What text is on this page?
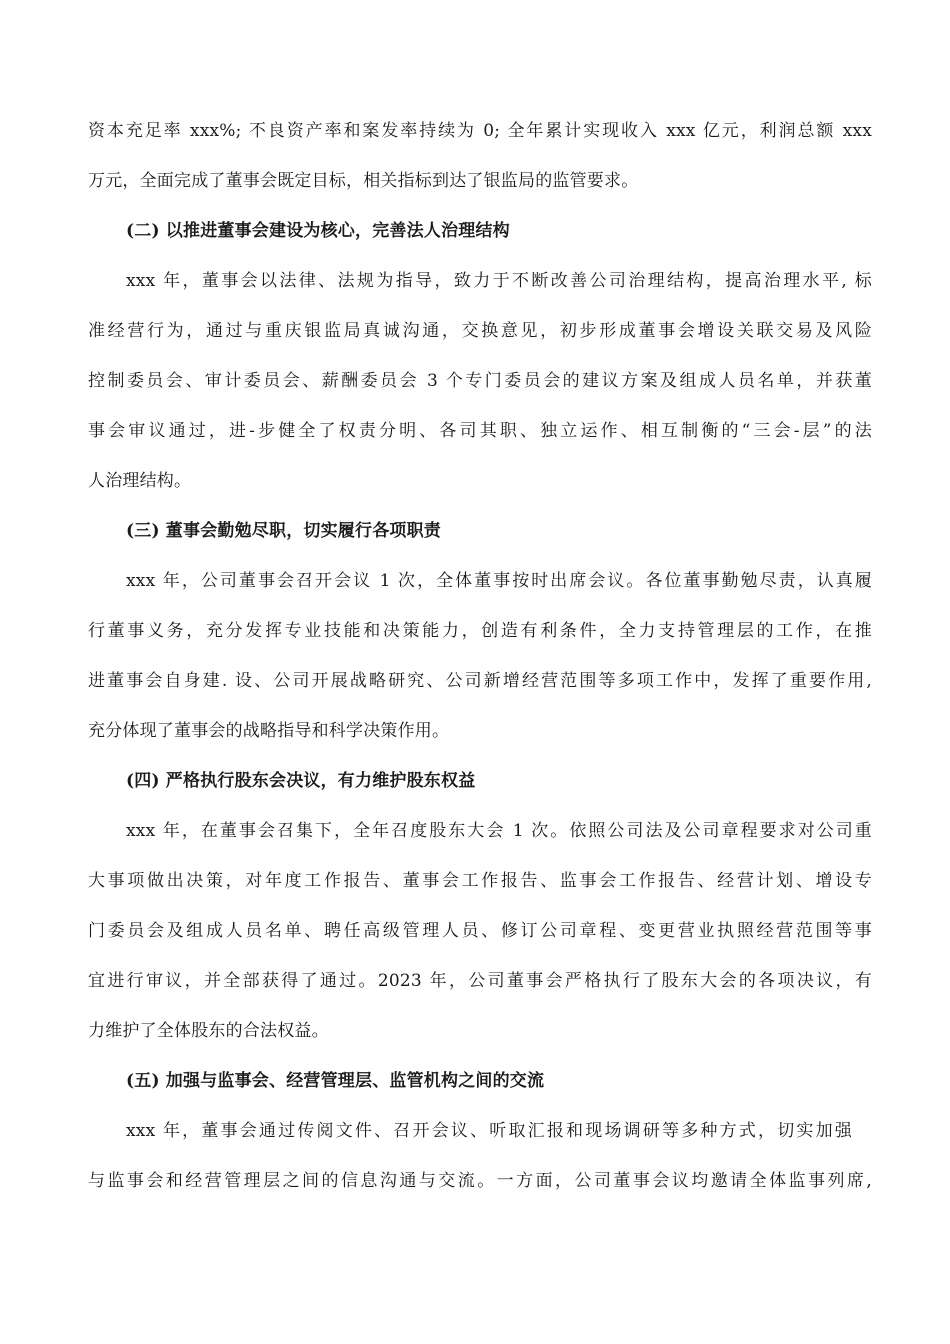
资本充足率 xxx%; 不良资产率和案发率持续为 0; 全年累计实现收入 xxx 亿元，利润总额 xxx
万元，全面完成了董事会既定目标，相关指标到达了银监局的监管要求。
(二) 以推进董事会建设为核心，完善法人治理结构
xxx 年，董事会以法律、法规为指导，致力于不断改善公司治理结构，提高治理水平, 标
准经营行为，通过与重庆银监局真诚沟通，交换意见，初步形成董事会增设关联交易及风险
控制委员会、审计委员会、薪酬委员会 3 个专门委员会的建议方案及组成人员名单，并获董
事会审议通过，进-步健全了权责分明、各司其职、独立运作、相互制衡的“三会-层”的法
人治理结构。
(三) 董事会勤勉尽职，切实履行各项职责
xxx 年，公司董事会召开会议 1 次，全体董事按时出席会议。各位董事勤勉尽责，认真履
行董事义务，充分发挥专业技能和决策能力，创造有利条件，全力支持管理层的工作，在推
进董事会自身建. 设、公司开展战略研究、公司新增经营范围等多项工作中，发挥了重要作用,
充分体现了董事会的战略指导和科学决策作用。
(四) 严格执行股东会决议，有力维护股东权益
xxx 年，在董事会召集下，全年召度股东大会 1 次。依照公司法及公司章程要求对公司重
大事项做出决策，对年度工作报告、董事会工作报告、监事会工作报告、经营计划、增设专
门委员会及组成人员名单、聘任高级管理人员、修订公司章程、变更营业执照经营范围等事
宜进行审议，并全部获得了通过。2023 年，公司董事会严格执行了股东大会的各项决议，有
力维护了全体股东的合法权益。
(五) 加强与监事会、经营管理层、监管机构之间的交流
xxx 年，董事会通过传阅文件、召开会议、听取汇报和现场调研等多种方式，切实加强
与监事会和经营管理层之间的信息沟通与交流。一方面，公司董事会议均邀请全体监事列席,
